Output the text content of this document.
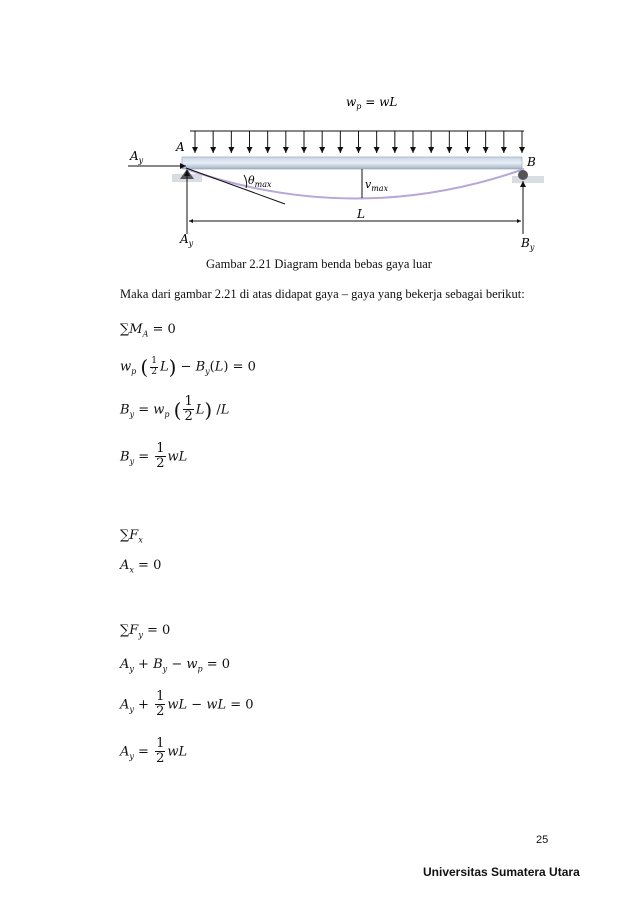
$w_p$ = wL
A
$A_y$	B
$\theta_{max}$	$v_{max}$
L
$A_y$	$B_y$
Gambar 2.21 Diagram benda bebas gaya luar
Maka dari gambar 2.21 di atas didapat gaya – gaya yang bekerja sebagai berikut:
$\sum M_A = 0$
$w_p$ ( $\frac{1}{2} L) - B_y(L) = 0$
$B_y = w_p$ ( $\frac{1}{2} L$) /L
$B_y = \frac{1}{2}$ wL
$\sum F_x$
$A_x = 0$
$\sum F_y = 0$
$A_y + B_y - w_p = 0$
$A_y + \frac{1}{2}$ wL − wL = 0
$A_y = \frac{1}{2}$ wL
25
Universitas Sumatera Utara
